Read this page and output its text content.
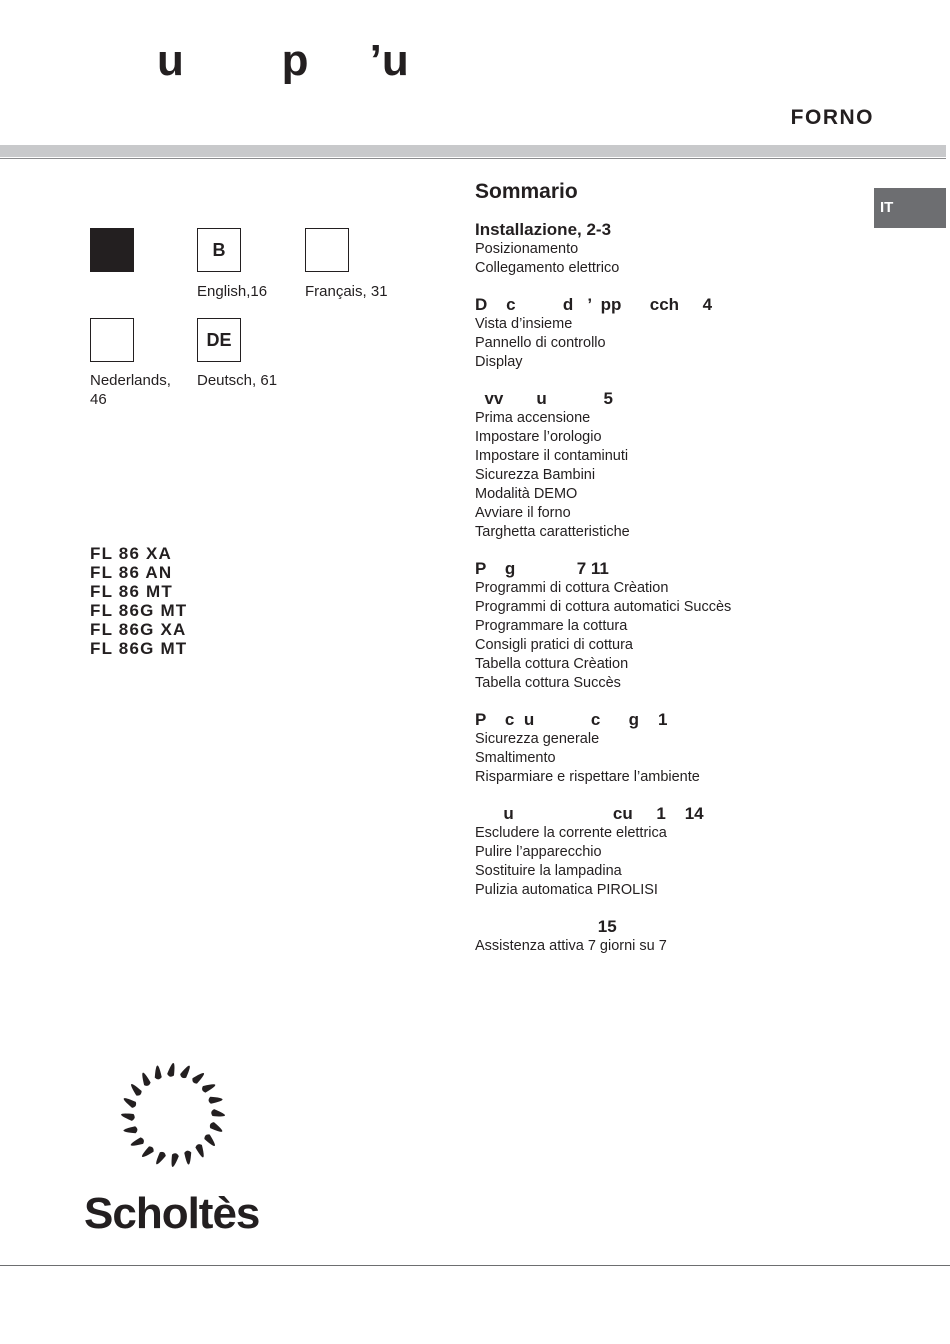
u        p     ’u
FORNO
IT
B
English,16	Français, 31
Nederlands, 46
DE
Deutsch, 61
FL 86 XA
FL 86 AN
FL 86 MT
FL 86G MT
FL 86G XA
FL 86G MT
Sommario
Installazione, 2-3
Posizionamento
Collegamento elettrico
D    c          d   ’  pp      cch     4
Vista d’insieme
Pannello di controllo
Display
vv       u            5
Prima accensione
Impostare l’orologio
Impostare il contaminuti
Sicurezza Bambini
Modalità DEMO
Avviare il forno
Targhetta caratteristiche
P    g             7 11
Programmi di cottura Crèation
Programmi di cottura automatici Succès
Programmare la cottura
Consigli pratici di cottura
Tabella cottura Crèation
Tabella cottura Succès
P    c  u            c      g    1
Sicurezza generale
Smaltimento
Risparmiare e rispettare l’ambiente
u                     cu     1    14
Escludere la corrente elettrica
Pulire l’apparecchio
Sostituire la lampadina
Pulizia automatica PIROLISI
15
Assistenza attiva 7 giorni su 7
Scholtès
